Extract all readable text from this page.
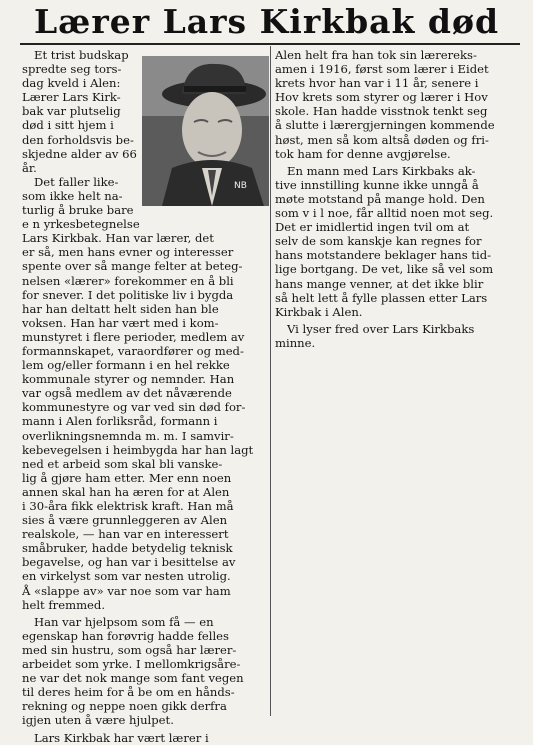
Lærer Lars Kirkbak død
NB
Et trist budskap
spredte seg tors-
dag kveld i Alen:
Lærer Lars Kirk-
bak var plutselig
død i sitt hjem i
den forholdsvis be-
skjedne alder av 66
år.
Det faller like-
som ikke helt na-
turlig å bruke bare
e n yrkesbetegnelse
Lars Kirkbak. Han var lærer, det
er så, men hans evner og interesser
spente over så mange felter at beteg-
nelsen «lærer» forekommer en å bli
for snever. I det politiske liv i bygda
har han deltatt helt siden han ble
voksen. Han har vært med i kom-
munstyret i flere perioder, medlem av
formannskapet, varaordfører og med-
lem og/eller formann i en hel rekke
kommunale styrer og nemnder. Han
var også medlem av det nåværende
kommunestyre og var ved sin død for-
mann i Alen forliksråd, formann i
overlikningsnemnda m. m. I samvir-
kebevegelsen i heimbygda har han lagt
ned et arbeid som skal bli vanske-
lig å gjøre ham etter. Mer enn noen
annen skal han ha æren for at Alen
i 30-åra fikk elektrisk kraft. Han må
sies å være grunnleggeren av Alen
realskole, — han var en interessert
småbruker, hadde betydelig teknisk
begavelse, og han var i besittelse av
en virkelyst som var nesten utrolig.
Å «slappe av» var noe som var ham
helt fremmed.
Han var hjelpsom som få — en
egenskap han forøvrig hadde felles
med sin hustru, som også har lærer-
arbeidet som yrke. I mellomkrigsåre-
ne var det nok mange som fant vegen
til deres heim for å be om en hånds-
rekning og neppe noen gikk derfra
igjen uten å være hjulpet.
Lars Kirkbak har vært lærer i
Alen helt fra han tok sin lærereks-
amen i 1916, først som lærer i Eidet
krets hvor han var i 11 år, senere i
Hov krets som styrer og lærer i Hov
skole. Han hadde visstnok tenkt seg
å slutte i lærergjerningen kommende
høst, men så kom altså døden og fri-
tok ham for denne avgjørelse.
En mann med Lars Kirkbaks ak-
tive innstilling kunne ikke unngå å
møte motstand på mange hold. Den
som v i l noe, får alltid noen mot seg.
Det er imidlertid ingen tvil om at
selv de som kanskje kan regnes for
hans motstandere beklager hans tid-
lige bortgang. De vet, like så vel som
hans mange venner, at det ikke blir
så helt lett å fylle plassen etter Lars
Kirkbak i Alen.
Vi lyser fred over Lars Kirkbaks
minne.
